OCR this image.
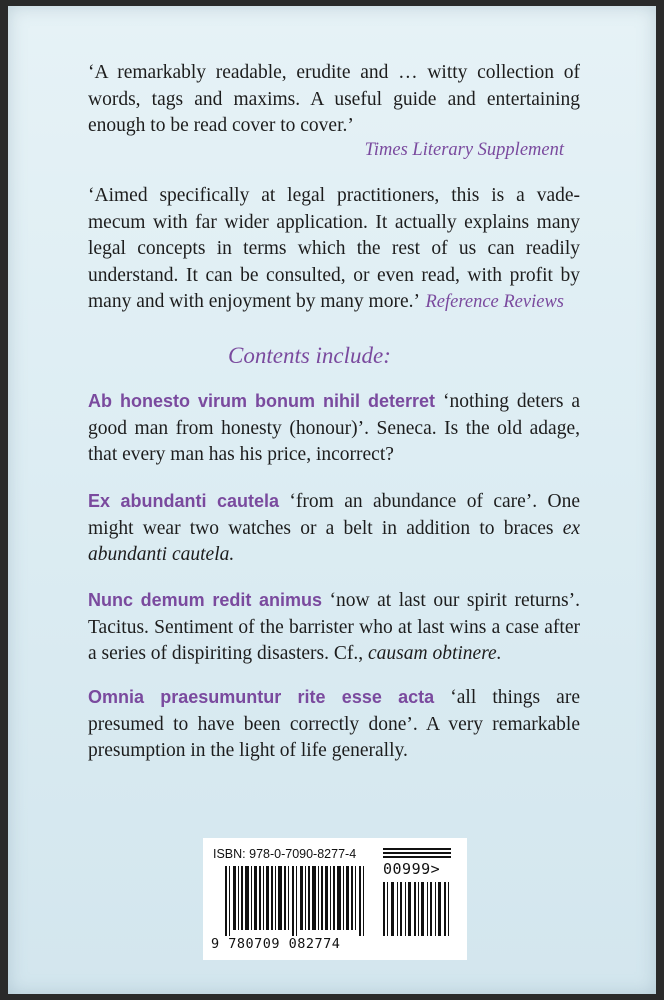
‘A remarkably readable, erudite and … witty collection of words, tags and maxims. A useful guide and entertaining enough to be read cover to cover.’
Times Literary Supplement
‘Aimed specifically at legal practitioners, this is a vade-mecum with far wider application. It actually explains many legal concepts in terms which the rest of us can readily understand. It can be consulted, or even read, with profit by many and with enjoyment by many more.’ Reference Reviews
Contents include:
Ab honesto virum bonum nihil deterret ‘nothing deters a good man from honesty (honour)’. Seneca. Is the old adage, that every man has his price, incorrect?
Ex abundanti cautela ‘from an abundance of care’. One might wear two watches or a belt in addition to braces ex abundanti cautela.
Nunc demum redit animus ‘now at last our spirit returns’. Tacitus. Sentiment of the barrister who at last wins a case after a series of dispiriting disasters. Cf., causam obtinere.
Omnia praesumuntur rite esse acta ‘all things are presumed to have been correctly done’. A very remarkable presumption in the light of life generally.
ISBN: 978-0-7090-8277-4
00999>
9 780709 082774
